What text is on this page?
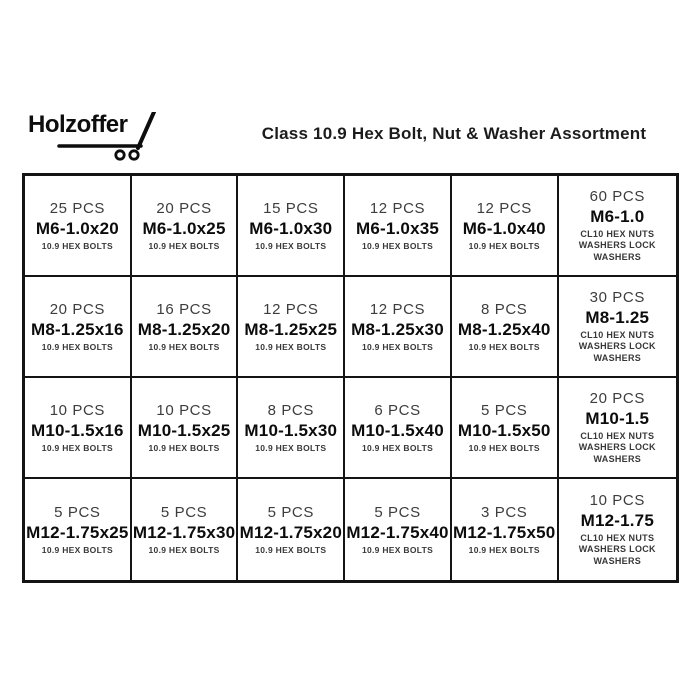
Holzoffer	Class 10.9 Hex Bolt, Nut & Washer Assortment
25 PCS
M6-1.0x20
10.9 HEX BOLTS
20 PCS
M6-1.0x25
10.9 HEX BOLTS
15 PCS
M6-1.0x30
10.9 HEX BOLTS
12 PCS
M6-1.0x35
10.9 HEX BOLTS
12 PCS
M6-1.0x40
10.9 HEX BOLTS
60 PCS
M6-1.0
CL10 HEX NUTS WASHERS LOCK WASHERS
20 PCS
M8-1.25x16
10.9 HEX BOLTS
16 PCS
M8-1.25x20
10.9 HEX BOLTS
12 PCS
M8-1.25x25
10.9 HEX BOLTS
12 PCS
M8-1.25x30
10.9 HEX BOLTS
8 PCS
M8-1.25x40
10.9 HEX BOLTS
30 PCS
M8-1.25
CL10 HEX NUTS WASHERS LOCK WASHERS
10 PCS
M10-1.5x16
10.9 HEX BOLTS
10 PCS
M10-1.5x25
10.9 HEX BOLTS
8 PCS
M10-1.5x30
10.9 HEX BOLTS
6 PCS
M10-1.5x40
10.9 HEX BOLTS
5 PCS
M10-1.5x50
10.9 HEX BOLTS
20 PCS
M10-1.5
CL10 HEX NUTS WASHERS LOCK WASHERS
5 PCS
M12-1.75x25
10.9 HEX BOLTS
5 PCS
M12-1.75x30
10.9 HEX BOLTS
5 PCS
M12-1.75x20
10.9 HEX BOLTS
5 PCS
M12-1.75x40
10.9 HEX BOLTS
3 PCS
M12-1.75x50
10.9 HEX BOLTS
10 PCS
M12-1.75
CL10 HEX NUTS WASHERS LOCK WASHERS
